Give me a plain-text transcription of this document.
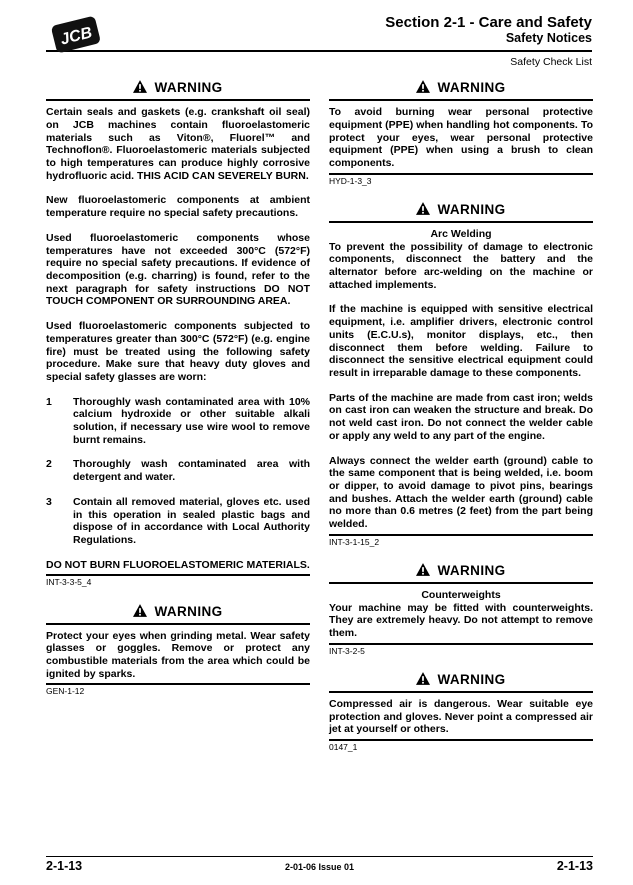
JCB
Section 2-1 - Care and Safety
Safety Notices
Safety Check List
WARNING

Certain seals and gaskets (e.g. crankshaft oil seal) on JCB machines contain fluoroelastomeric materials such as Viton®, Fluorel™ and Technoflon®. Fluoroelastomeric materials subjected to high temperatures can produce highly corrosive hydrofluoric acid. THIS ACID CAN SEVERELY BURN.

New fluoroelastomeric components at ambient temperature require no special safety precautions.

Used fluoroelastomeric components whose temperatures have not exceeded 300°C (572°F) require no special safety precautions. If evidence of decomposition (e.g. charring) is found, refer to the next paragraph for safety instructions DO NOT TOUCH COMPONENT OR SURROUNDING AREA.

Used fluoroelastomeric components subjected to temperatures greater than 300°C (572°F) (e.g. engine fire) must be treated using the following safety procedure. Make sure that heavy duty gloves and special safety glasses are worn:

1	Thoroughly wash contaminated area with 10% calcium hydroxide or other suitable alkali solution, if necessary use wire wool to remove burnt remains.
2	Thoroughly wash contaminated area with detergent and water.
3	Contain all removed material, gloves etc. used in this operation in sealed plastic bags and dispose of in accordance with Local Authority Regulations.

DO NOT BURN FLUOROELASTOMERIC MATERIALS.

INT-3-3-5_4
WARNING

Protect your eyes when grinding metal. Wear safety glasses or goggles. Remove or protect any combustible materials from the area which could be ignited by sparks.

GEN-1-12
WARNING

To avoid burning wear personal protective equipment (PPE) when handling hot components. To protect your eyes, wear personal protective equipment (PPE) when using a brush to clean components.

HYD-1-3_3
WARNING

Arc Welding

To prevent the possibility of damage to electronic components, disconnect the battery and the alternator before arc-welding on the machine or attached implements.

If the machine is equipped with sensitive electrical equipment, i.e. amplifier drivers, electronic control units (E.C.U.s), monitor displays, etc., then disconnect them before welding. Failure to disconnect the sensitive electrical equipment could result in irreparable damage to these components.

Parts of the machine are made from cast iron; welds on cast iron can weaken the structure and break. Do not weld cast iron. Do not connect the welder cable or apply any weld to any part of the engine.

Always connect the welder earth (ground) cable to the same component that is being welded, i.e. boom or dipper, to avoid damage to pivot pins, bearings and bushes. Attach the welder earth (ground) cable no more than 0.6 metres (2 feet) from the part being welded.

INT-3-1-15_2
WARNING

Counterweights

Your machine may be fitted with counterweights. They are extremely heavy. Do not attempt to remove them.

INT-3-2-5
WARNING

Compressed air is dangerous. Wear suitable eye protection and gloves. Never point a compressed air jet at yourself or others.

0147_1
2-1-13	2-01-06 Issue 01	2-1-13
